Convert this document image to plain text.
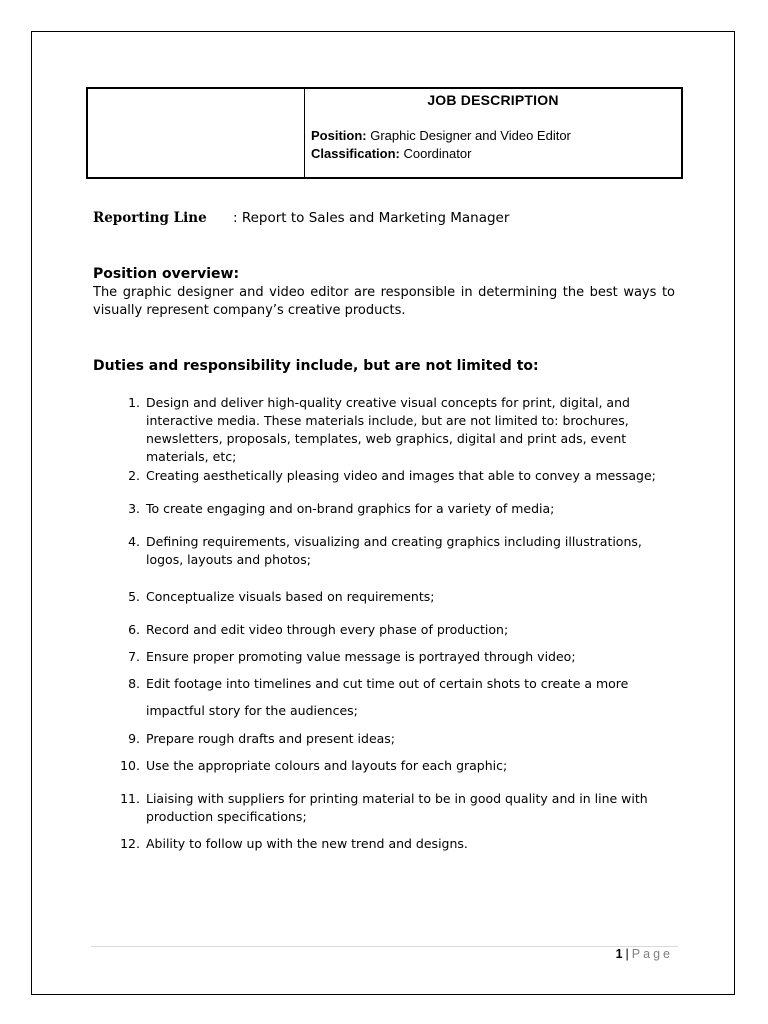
JOB DESCRIPTION
Position: Graphic Designer and Video Editor
Classification: Coordinator
Reporting Line : Report to Sales and Marketing Manager
Position overview:
The graphic designer and video editor are responsible in determining the best ways to visually represent company’s creative products.
Duties and responsibility include, but are not limited to:
1. Design and deliver high-quality creative visual concepts for print, digital, and interactive media. These materials include, but are not limited to: brochures, newsletters, proposals, templates, web graphics, digital and print ads, event materials, etc;
2. Creating aesthetically pleasing video and images that able to convey a message;
3. To create engaging and on-brand graphics for a variety of media;
4. Defining requirements, visualizing and creating graphics including illustrations, logos, layouts and photos;
5. Conceptualize visuals based on requirements;
6. Record and edit video through every phase of production;
7. Ensure proper promoting value message is portrayed through video;
8. Edit footage into timelines and cut time out of certain shots to create a more impactful story for the audiences;
9. Prepare rough drafts and present ideas;
10. Use the appropriate colours and layouts for each graphic;
11. Liaising with suppliers for printing material to be in good quality and in line with production specifications;
12. Ability to follow up with the new trend and designs.
1 | Page
